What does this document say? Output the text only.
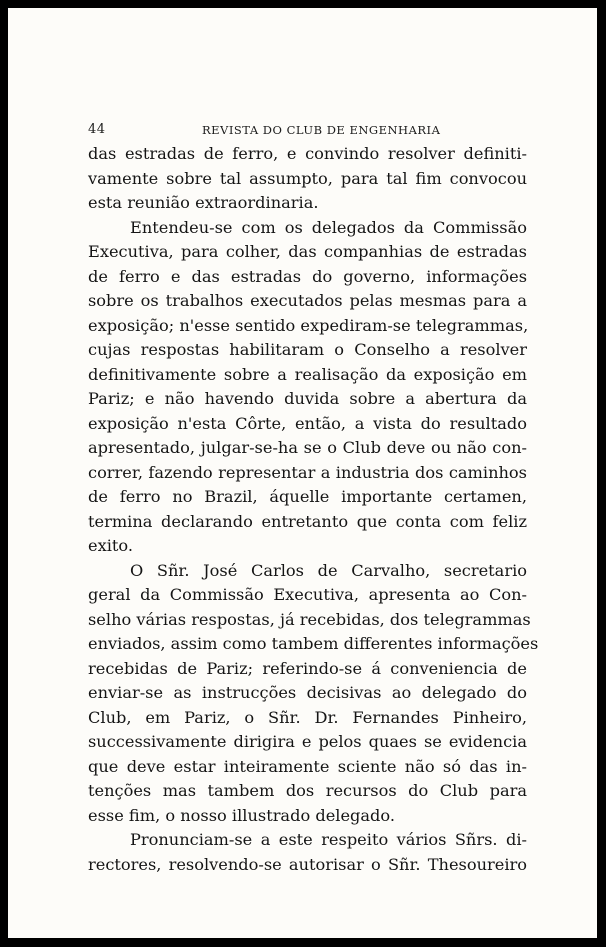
44	REVISTA DO CLUB DE ENGENHARIA
das estradas de ferro, e convindo resolver definiti-
vamente sobre tal assumpto, para tal fim convocou
esta reunião extraordinaria.
Entendeu-se com os delegados da Commissão
Executiva, para colher, das companhias de estradas
de ferro e das estradas do governo, informações
sobre os trabalhos executados pelas mesmas para a
exposição; n'esse sentido expediram-se telegrammas,
cujas respostas habilitaram o Conselho a resolver
definitivamente sobre a realisação da exposição em
Pariz; e não havendo duvida sobre a abertura da
exposição n'esta Côrte, então, a vista do resultado
apresentado, julgar-se-ha se o Club deve ou não con-
correr, fazendo representar a industria dos caminhos
de ferro no Brazil, áquelle importante certamen,
termina declarando entretanto que conta com feliz
exito.
O Sñr. José Carlos de Carvalho, secretario
geral da Commissão Executiva, apresenta ao Con-
selho várias respostas, já recebidas, dos telegrammas
enviados, assim como tambem differentes informações
recebidas de Pariz; referindo-se á conveniencia de
enviar-se as instrucções decisivas ao delegado do
Club, em Pariz, o Sñr. Dr. Fernandes Pinheiro,
successivamente dirigira e pelos quaes se evidencia
que deve estar inteiramente sciente não só das in-
tenções mas tambem dos recursos do Club para
esse fim, o nosso illustrado delegado.
Pronunciam-se a este respeito vários Sñrs. di-
rectores, resolvendo-se autorisar o Sñr. Thesoureiro
